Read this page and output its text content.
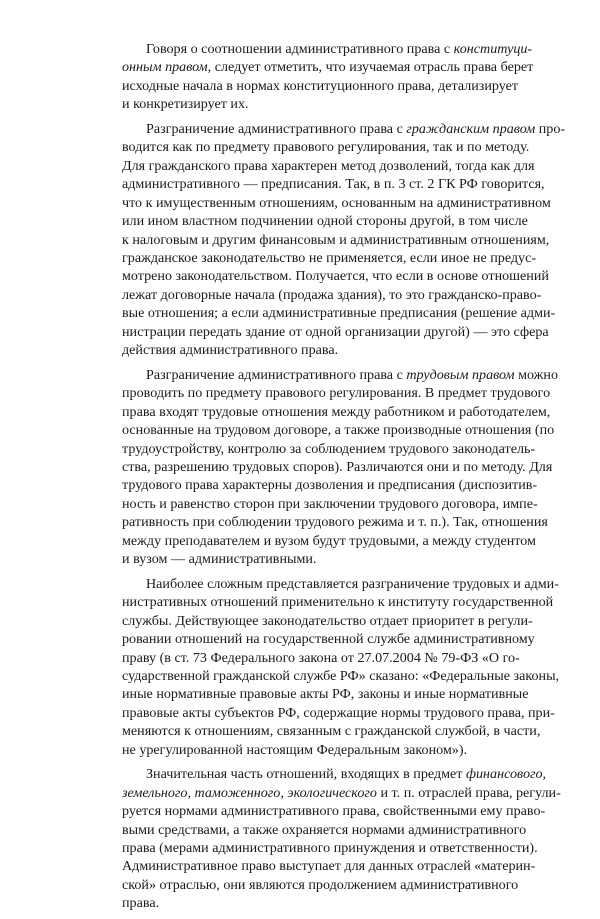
Говоря о соотношении административного права с конституци-
онным правом, следует отметить, что изучаемая отрасль права берет
исходные начала в нормах конституционного права, детализирует
и конкретизирует их.
Разграничение административного права с гражданским правом про-
водится как по предмету правового регулирования, так и по методу.
Для гражданского права характерен метод дозволений, тогда как для
административного — предписания. Так, в п. 3 ст. 2 ГК РФ говорится,
что к имущественным отношениям, основанным на административном
или ином властном подчинении одной стороны другой, в том числе
к налоговым и другим финансовым и административным отношениям,
гражданское законодательство не применяется, если иное не предус-
мотрено законодательством. Получается, что если в основе отношений
лежат договорные начала (продажа здания), то это гражданско-право-
вые отношения; а если административные предписания (решение адми-
нистрации передать здание от одной организации другой) — это сфера
действия административного права.
Разграничение административного права с трудовым правом можно
проводить по предмету правового регулирования. В предмет трудового
права входят трудовые отношения между работником и работодателем,
основанные на трудовом договоре, а также производные отношения (по
трудоустройству, контролю за соблюдением трудового законодатель-
ства, разрешению трудовых споров). Различаются они и по методу. Для
трудового права характерны дозволения и предписания (диспозитив-
ность и равенство сторон при заключении трудового договора, импе-
ративность при соблюдении трудового режима и т. п.). Так, отношения
между преподавателем и вузом будут трудовыми, а между студентом
и вузом — административными.
Наиболее сложным представляется разграничение трудовых и адми-
нистративных отношений применительно к институту государственной
службы. Действующее законодательство отдает приоритет в регули-
ровании отношений на государственной службе административному
праву (в ст. 73 Федерального закона от 27.07.2004 № 79-ФЗ «О го-
сударственной гражданской службе РФ» сказано: «Федеральные законы,
иные нормативные правовые акты РФ, законы и иные нормативные
правовые акты субъектов РФ, содержащие нормы трудового права, при-
меняются к отношениям, связанным с гражданской службой, в части,
не урегулированной настоящим Федеральным законом»).
Значительная часть отношений, входящих в предмет финансового,
земельного, таможенного, экологического и т. п. отраслей права, регули-
руется нормами административного права, свойственными ему право-
выми средствами, а также охраняется нормами административного
права (мерами административного принуждения и ответственности).
Административное право выступает для данных отраслей «материн-
ской» отраслью, они являются продолжением административного
права.
